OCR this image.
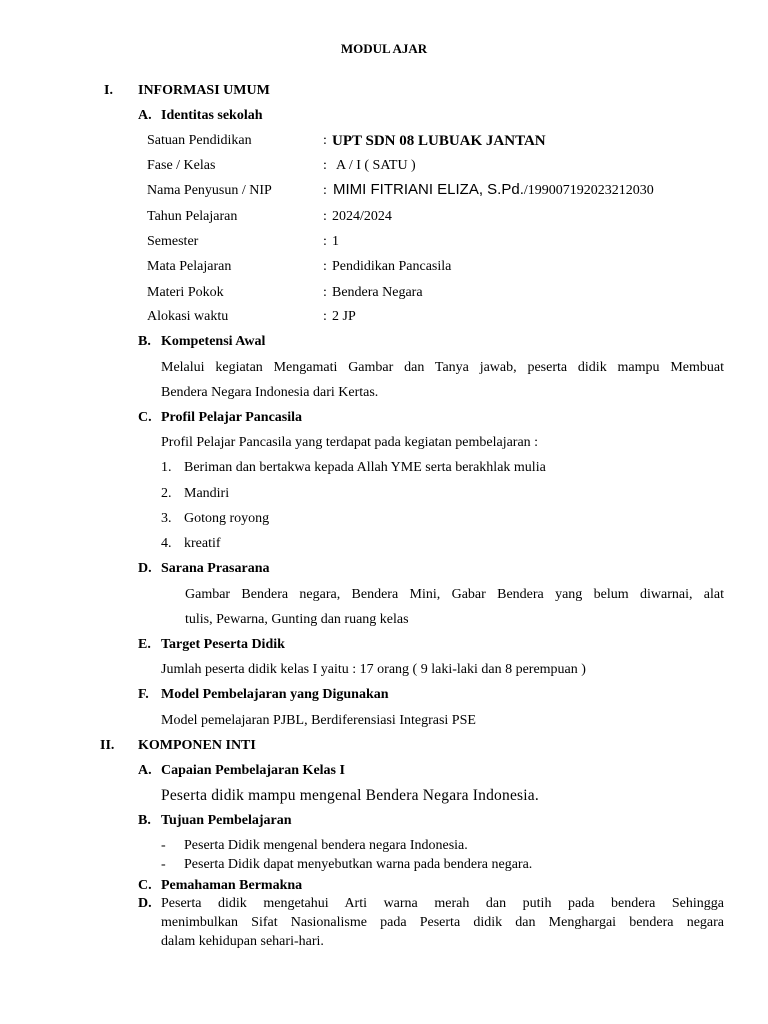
MODUL AJAR
I. INFORMASI UMUM
A. Identitas sekolah
Satuan Pendidikan	: UPT SDN 08 LUBUAK JANTAN
Fase / Kelas	: A / I ( SATU )
Nama Penyusun / NIP	: MIMI FITRIANI ELIZA, S.Pd./199007192023212030
Tahun Pelajaran	: 2024/2024
Semester	: 1
Mata Pelajaran	: Pendidikan Pancasila
Materi Pokok	: Bendera Negara
Alokasi waktu	: 2 JP
B. Kompetensi Awal
Melalui kegiatan Mengamati Gambar dan Tanya jawab, peserta didik mampu Membuat
Bendera Negara Indonesia dari Kertas.
C. Profil Pelajar Pancasila
Profil Pelajar Pancasila yang terdapat pada kegiatan pembelajaran :
1. Beriman dan bertakwa kepada Allah YME serta berakhlak mulia
2. Mandiri
3. Gotong royong
4. kreatif
D. Sarana Prasarana
Gambar Bendera negara, Bendera Mini, Gabar Bendera yang belum diwarnai, alat
tulis, Pewarna, Gunting dan ruang kelas
E. Target Peserta Didik
Jumlah peserta didik kelas I yaitu : 17 orang ( 9 laki-laki dan 8 perempuan )
F. Model Pembelajaran yang Digunakan
Model pemelajaran PJBL, Berdiferensiasi Integrasi PSE
II. KOMPONEN INTI
A. Capaian Pembelajaran Kelas I
Peserta didik mampu mengenal Bendera Negara Indonesia.
B. Tujuan Pembelajaran
- Peserta Didik mengenal bendera negara Indonesia.
- Peserta Didik dapat menyebutkan warna pada bendera negara.
C. Pemahaman Bermakna
D. Peserta didik mengetahui Arti warna merah dan putih pada bendera Sehingga
menimbulkan Sifat Nasionalisme pada Peserta didik dan Menghargai bendera negara
dalam kehidupan sehari-hari.
